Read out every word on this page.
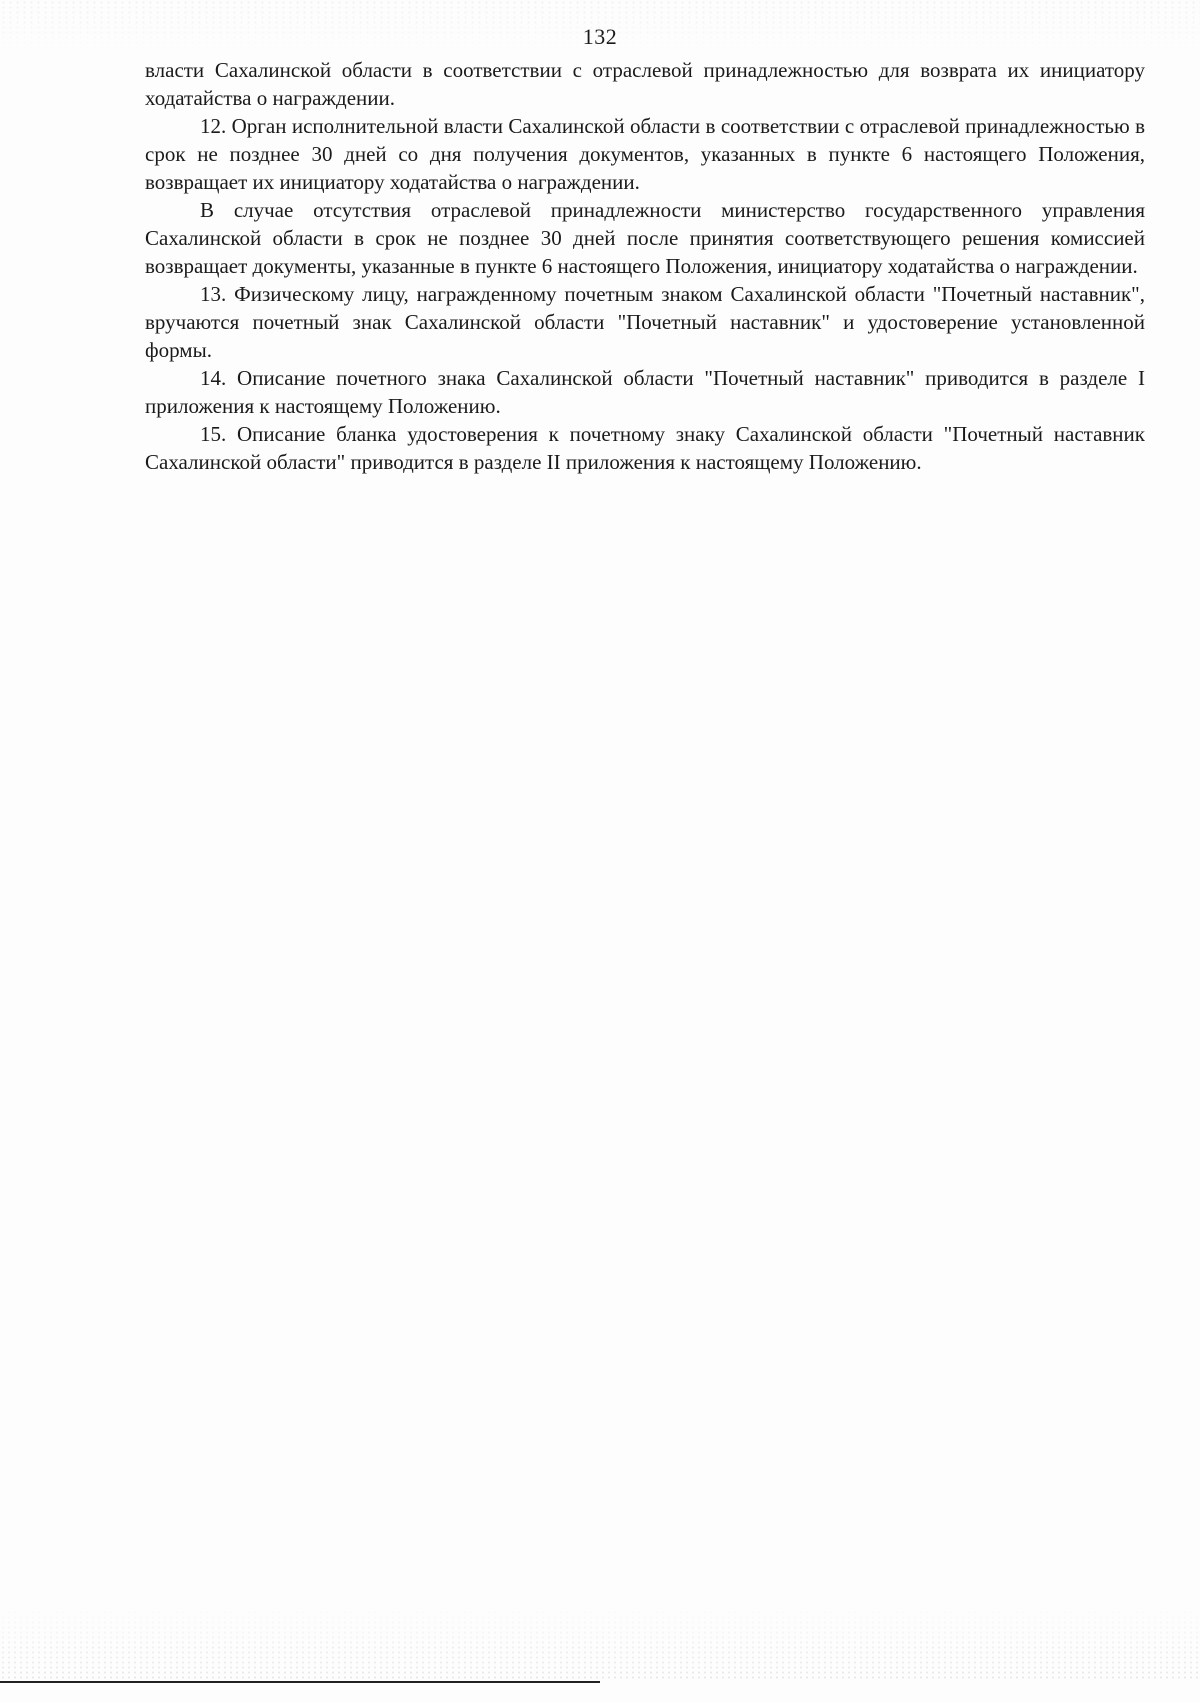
132

власти Сахалинской области в соответствии с отраслевой принадлежностью для возврата их инициатору ходатайства о награждении.

12. Орган исполнительной власти Сахалинской области в соответствии с отраслевой принадлежностью в срок не позднее 30 дней со дня получения документов, указанных в пункте 6 настоящего Положения, возвращает их инициатору ходатайства о награждении.

В случае отсутствия отраслевой принадлежности министерство государственного управления Сахалинской области в срок не позднее 30 дней после принятия соответствующего решения комиссией возвращает документы, указанные в пункте 6 настоящего Положения, инициатору ходатайства о награждении.

13. Физическому лицу, награжденному почетным знаком Сахалинской области "Почетный наставник", вручаются почетный знак Сахалинской области "Почетный наставник" и удостоверение установленной формы.

14. Описание почетного знака Сахалинской области "Почетный наставник" приводится в разделе I приложения к настоящему Положению.

15. Описание бланка удостоверения к почетному знаку Сахалинской области "Почетный наставник Сахалинской области" приводится в разделе II приложения к настоящему Положению.
